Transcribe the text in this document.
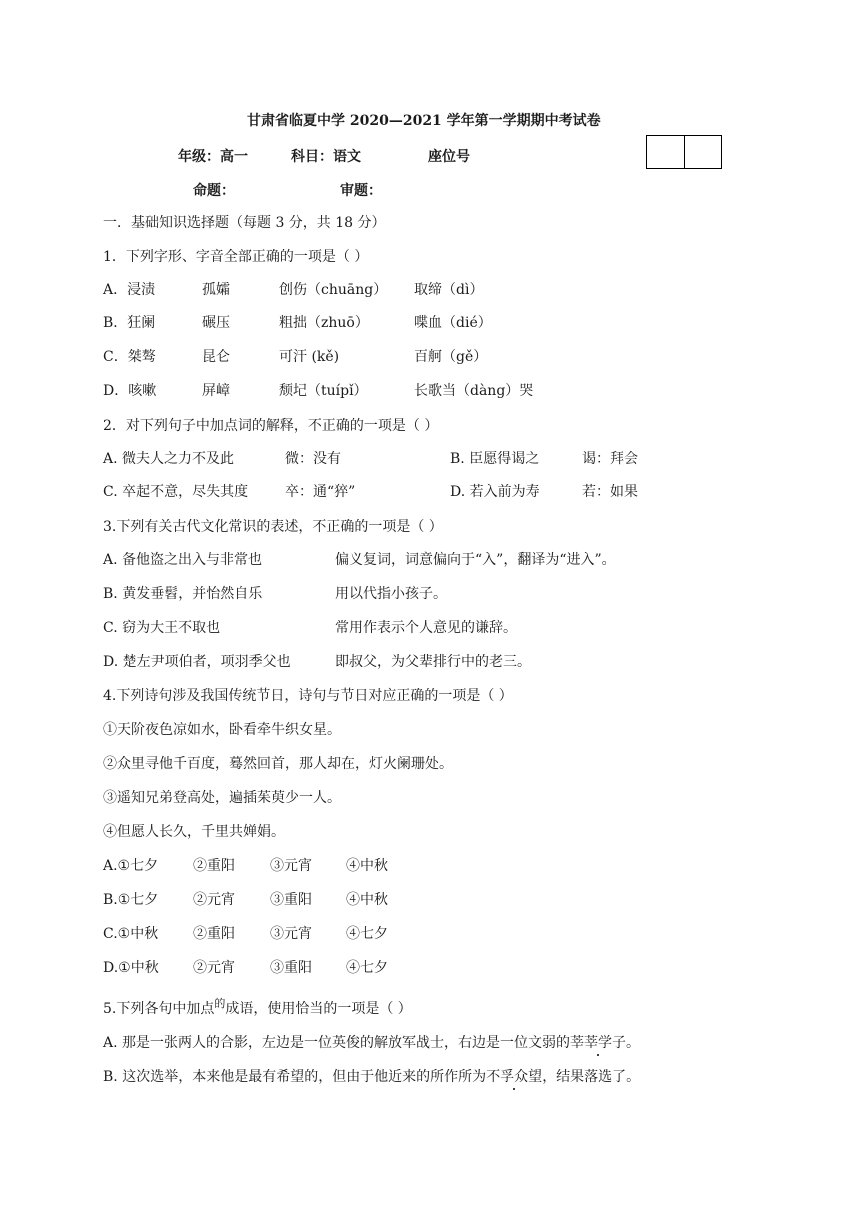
甘肃省临夏中学 2020—2021 学年第一学期期中考试卷
年级：高一	科目：语文	座位号
命题：	审题：
一．基础知识选择题（每题 3 分，共 18 分）
1．下列字形、字音全部正确的一项是（ ）
A．浸渍	孤孀	创伤（chuāng） 取缔（dì）
B．狂阑	碾压	粗拙（zhuō）	喋血（dié）
C．桀骜	昆仑	可汗 (kě)	百舸（gě）
D．咳嗽	屏嶂	颓圮（tuípǐ）	长歌当（dàng）哭
2．对下列句子中加点词的解释，不正确的一项是（ ）
A. 微夫人之力不及此	微：没有	B. 臣愿得谒之	谒：拜会
C. 卒起不意，尽失其度	卒：通“猝”	D. 若入前为寿	若：如果
3.下列有关古代文化常识的表述，不正确的一项是（ ）
A. 备他盗之出入与非常也	偏义复词，词意偏向于“入”，翻译为“进入”。
B. 黄发垂髫，并怡然自乐	用以代指小孩子。
C. 窃为大王不取也	常用作表示个人意见的谦辞。
D. 楚左尹项伯者，项羽季父也	即叔父，为父辈排行中的老三。
4.下列诗句涉及我国传统节日，诗句与节日对应正确的一项是（ ）
①天阶夜色凉如水，卧看牵牛织女星。
②众里寻他千百度，蓦然回首，那人却在，灯火阑珊处。
③遥知兄弟登高处，遍插茱萸少一人。
④但愿人长久，千里共婵娟。
A.①七夕 ②重阳	③元宵 ④中秋
B.①七夕 ②元宵	③重阳 ④中秋
C.①中秋 ②重阳	③元宵 ④七夕
D.①中秋 ②元宵	③重阳 ④七夕
5.下列各句中加点$^的$成语，使用恰当的一项是（ ）
A. 那是一张两人的合影，左边是一位英俊的解放军战士，右边是一位文弱的莘莘学子。
B. 这次选举，本来他是最有希望的，但由于他近来的所作所为不孚众望，结果落选了。
